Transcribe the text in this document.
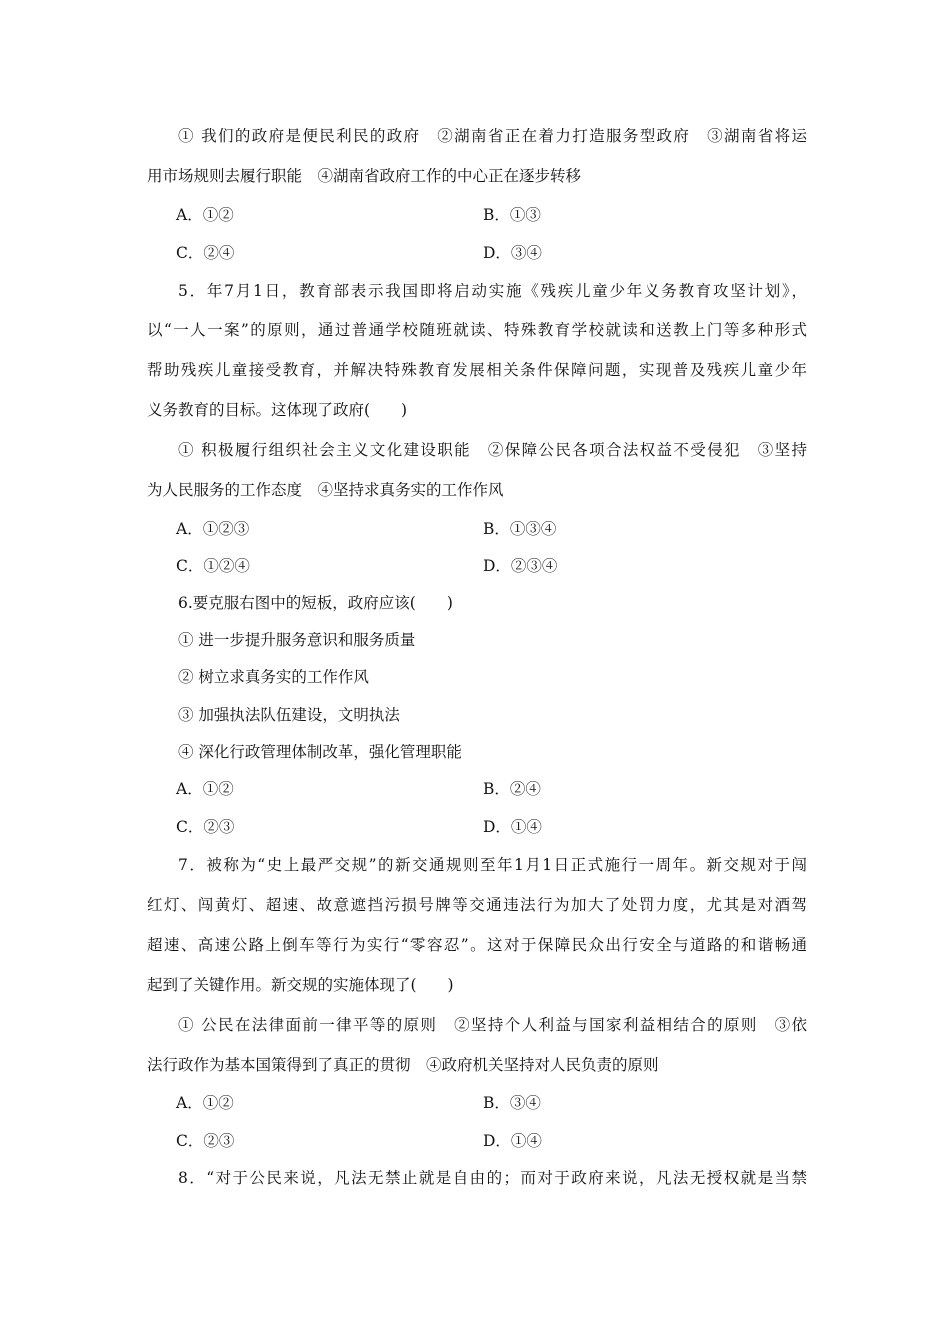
① 我们的政府是便民利民的政府　②湖南省正在着力打造服务型政府　③湖南省将运
用市场规则去履行职能　④湖南省政府工作的中心正在逐步转移
A．①②	B．①③
C．②④	D．③④
5．年7月1日，教育部表示我国即将启动实施《残疾儿童少年义务教育攻坚计划》，
以“一人一案”的原则，通过普通学校随班就读、特殊教育学校就读和送教上门等多种形式
帮助残疾儿童接受教育，并解决特殊教育发展相关条件保障问题，实现普及残疾儿童少年
义务教育的目标。这体现了政府(　　)
① 积极履行组织社会主义文化建设职能　②保障公民各项合法权益不受侵犯　③坚持
为人民服务的工作态度　④坚持求真务实的工作作风
A．①②③	B．①③④
C．①②④	D．②③④
6.要克服右图中的短板，政府应该(　　)
① 进一步提升服务意识和服务质量
② 树立求真务实的工作作风
③ 加强执法队伍建设，文明执法
④ 深化行政管理体制改革，强化管理职能
A．①②	B．②④
C．②③	D．①④
7．被称为“史上最严交规”的新交通规则至年1月1日正式施行一周年。新交规对于闯
红灯、闯黄灯、超速、故意遮挡污损号牌等交通违法行为加大了处罚力度，尤其是对酒驾
超速、高速公路上倒车等行为实行“零容忍”。这对于保障民众出行安全与道路的和谐畅通
起到了关键作用。新交规的实施体现了(　　)
① 公民在法律面前一律平等的原则　②坚持个人利益与国家利益相结合的原则　③依
法行政作为基本国策得到了真正的贯彻　④政府机关坚持对人民负责的原则
A．①②	B．③④
C．②③	D．①④
8．“对于公民来说，凡法无禁止就是自由的；而对于政府来说，凡法无授权就是当禁
